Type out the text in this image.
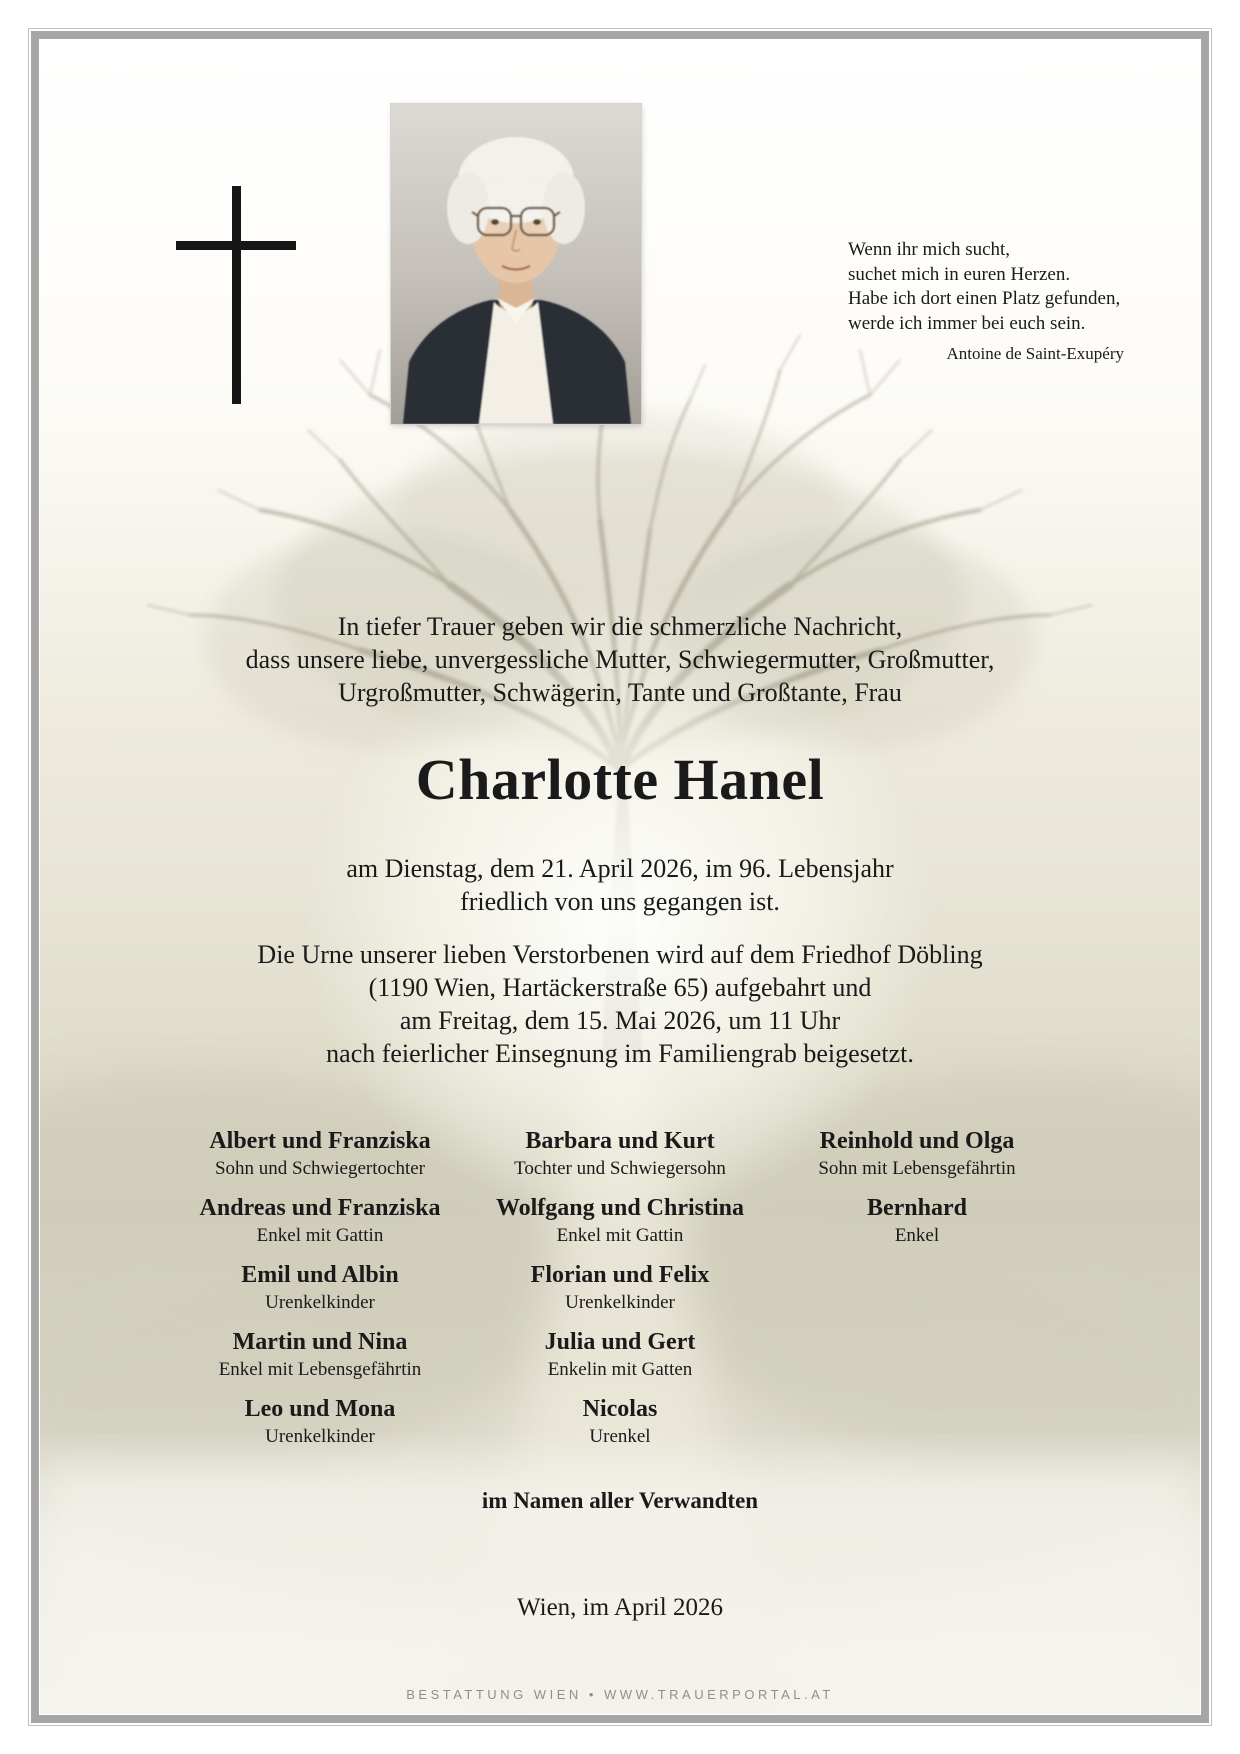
Wenn ihr mich sucht,
suchet mich in euren Herzen.
Habe ich dort einen Platz gefunden,
werde ich immer bei euch sein.
Antoine de Saint-Exupéry
In tiefer Trauer geben wir die schmerzliche Nachricht,
dass unsere liebe, unvergessliche Mutter, Schwiegermutter, Großmutter,
Urgroßmutter, Schwägerin, Tante und Großtante, Frau
Charlotte Hanel
am Dienstag, dem 21. April 2026, im 96. Lebensjahr
friedlich von uns gegangen ist.
Die Urne unserer lieben Verstorbenen wird auf dem Friedhof Döbling
(1190 Wien, Hartäckerstraße 65) aufgebahrt und
am Freitag, dem 15. Mai 2026, um 11 Uhr
nach feierlicher Einsegnung im Familiengrab beigesetzt.
Albert und Franziska
Sohn und Schwiegertochter
Andreas und Franziska
Enkel mit Gattin
Emil und Albin
Urenkelkinder
Martin und Nina
Enkel mit Lebensgefährtin
Leo und Mona
Urenkelkinder
Barbara und Kurt
Tochter und Schwiegersohn
Wolfgang und Christina
Enkel mit Gattin
Florian und Felix
Urenkelkinder
Julia und Gert
Enkelin mit Gatten
Nicolas
Urenkel
Reinhold und Olga
Sohn mit Lebensgefährtin
Bernhard
Enkel
im Namen aller Verwandten
Wien, im April 2026
BESTATTUNG WIEN • WWW.TRAUERPORTAL.AT
